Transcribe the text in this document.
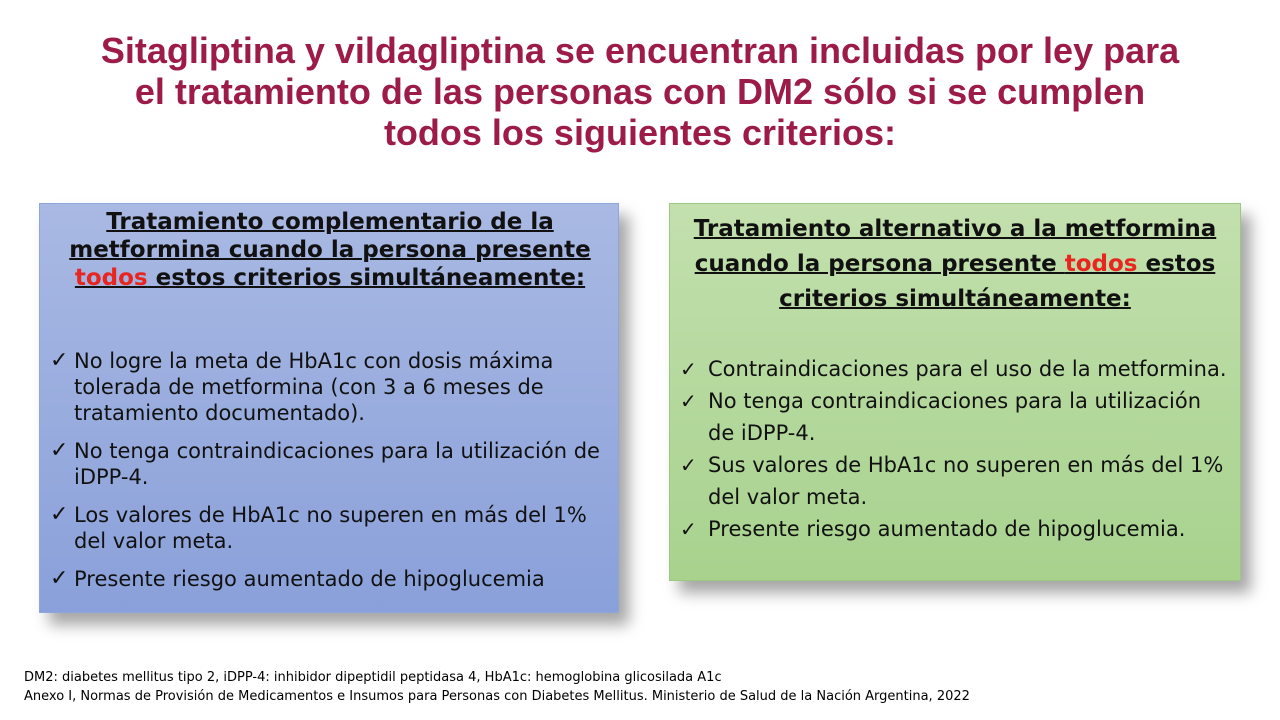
Sitagliptina y vildagliptina se encuentran incluidas por ley para
el tratamiento de las personas con DM2 sólo si se cumplen
todos los siguientes criterios:
Tratamiento complementario de la
metformina cuando la persona presente
todos estos criterios simultáneamente:
✓ No logre la meta de HbA1c con dosis máxima tolerada de metformina (con 3 a 6 meses de tratamiento documentado).
✓ No tenga contraindicaciones para la utilización de iDPP-4.
✓ Los valores de HbA1c no superen en más del 1% del valor meta.
✓ Presente riesgo aumentado de hipoglucemia
Tratamiento alternativo a la metformina
cuando la persona presente todos estos
criterios simultáneamente:
✓ Contraindicaciones para el uso de la metformina.
✓ No tenga contraindicaciones para la utilización de iDPP-4.
✓ Sus valores de HbA1c no superen en más del 1% del valor meta.
✓ Presente riesgo aumentado de hipoglucemia.
DM2: diabetes mellitus tipo 2, iDPP-4: inhibidor dipeptidil peptidasa 4, HbA1c: hemoglobina glicosilada A1c
Anexo I, Normas de Provisión de Medicamentos e Insumos para Personas con Diabetes Mellitus. Ministerio de Salud de la Nación Argentina, 2022
